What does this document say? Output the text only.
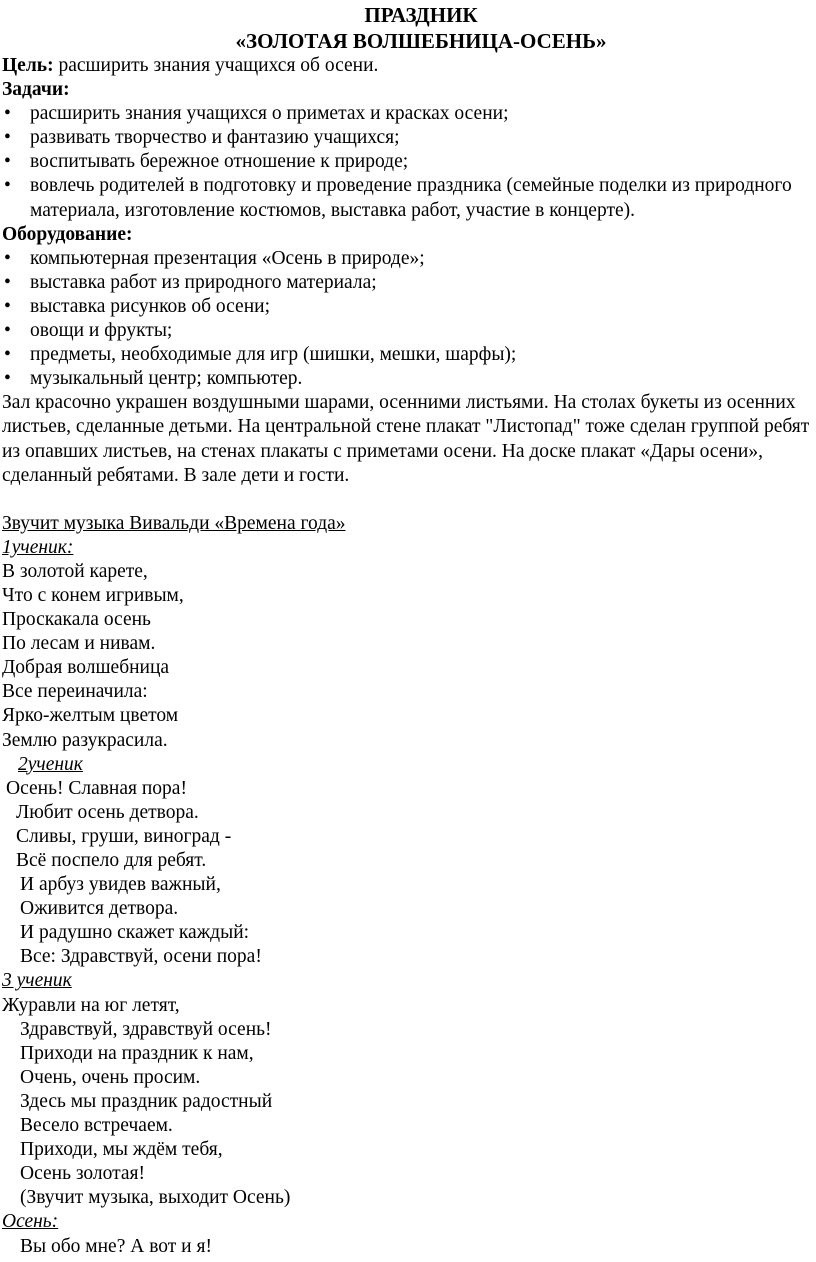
ПРАЗДНИК
«ЗОЛОТАЯ ВОЛШЕБНИЦА-ОСЕНЬ»
Цель: расширить знания учащихся об осени.
Задачи:
• расширить знания учащихся о приметах и красках осени;
• развивать творчество и фантазию учащихся;
• воспитывать бережное отношение к природе;
• вовлечь родителей в подготовку и проведение праздника (семейные поделки из природного материала, изготовление костюмов, выставка работ, участие в концерте).
Оборудование:
• компьютерная презентация «Осень в природе»;
• выставка работ из природного материала;
• выставка рисунков об осени;
• овощи и фрукты;
• предметы, необходимые для игр (шишки, мешки, шарфы);
• музыкальный центр; компьютер.
Зал красочно украшен воздушными шарами, осенними листьями. На столах букеты из осенних листьев, сделанные детьми. На центральной стене плакат "Листопад" тоже сделан группой ребят из опавших листьев, на стенах плакаты с приметами осени. На доске плакат «Дары осени», сделанный ребятами. В зале дети и гости.
Звучит музыка Вивальди «Времена года»
1ученик:
В золотой карете,
Что с конем игривым,
Проскакала осень
По лесам и нивам.
Добрая волшебница
Все переиначила:
Ярко-желтым цветом
Землю разукрасила.
2ученик
Осень! Славная пора!
Любит осень детвора.
Сливы, груши, виноград -
Всё поспело для ребят.
И арбуз увидев важный,
Оживится детвора.
И радушно скажет каждый:
Все: Здравствуй, осени пора!
3 ученик
Журавли на юг летят,
Здравствуй, здравствуй осень!
Приходи на праздник к нам,
Очень, очень просим.
Здесь мы праздник радостный
Весело встречаем.
Приходи, мы ждём тебя,
Осень золотая!
(Звучит музыка, выходит Осень)
Осень:
Вы обо мне? А вот и я!
